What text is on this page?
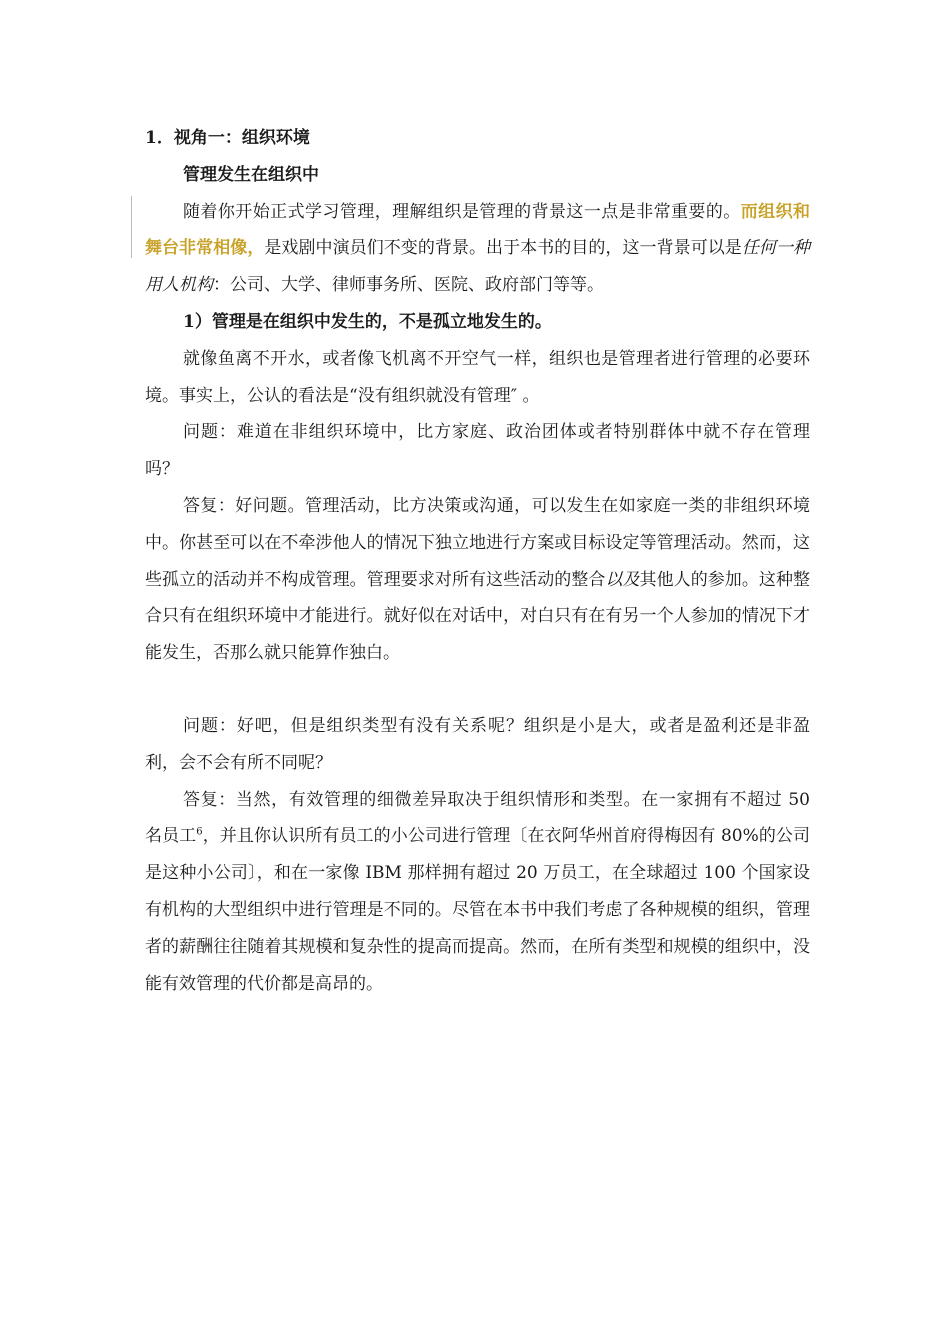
1．视角一：组织环境

管理发生在组织中

随着你开始正式学习管理，理解组织是管理的背景这一点是非常重要的。而组织和舞台非常相像，是戏剧中演员们不变的背景。出于本书的目的，这一背景可以是任何一种用人机构：公司、大学、律师事务所、医院、政府部门等等。

1）管理是在组织中发生的，不是孤立地发生的。

就像鱼离不开水，或者像飞机离不开空气一样，组织也是管理者进行管理的必要环境。事实上，公认的看法是“没有组织就没有管理″ 。

问题：难道在非组织环境中，比方家庭、政治团体或者特别群体中就不存在管理吗？

答复：好问题。管理活动，比方决策或沟通，可以发生在如家庭一类的非组织环境中。你甚至可以在不牵涉他人的情况下独立地进行方案或目标设定等管理活动。然而，这些孤立的活动并不构成管理。管理要求对所有这些活动的整合以及其他人的参加。这种整合只有在组织环境中才能进行。就好似在对话中，对白只有在有另一个人参加的情况下才能发生，否那么就只能算作独白。

问题：好吧，但是组织类型有没有关系呢？组织是小是大，或者是盈利还是非盈利，会不会有所不同呢？

答复：当然，有效管理的细微差异取决于组织情形和类型。在一家拥有不超过 50 名员工$^6$，并且你认识所有员工的小公司进行管理〔在衣阿华州首府得梅因有 80%的公司是这种小公司〕，和在一家像 IBM 那样拥有超过 20 万员工，在全球超过 100 个国家设有机构的大型组织中进行管理是不同的。尽管在本书中我们考虑了各种规模的组织，管理者的薪酬往往随着其规模和复杂性的提高而提高。然而，在所有类型和规模的组织中，没能有效管理的代价都是高昂的。
